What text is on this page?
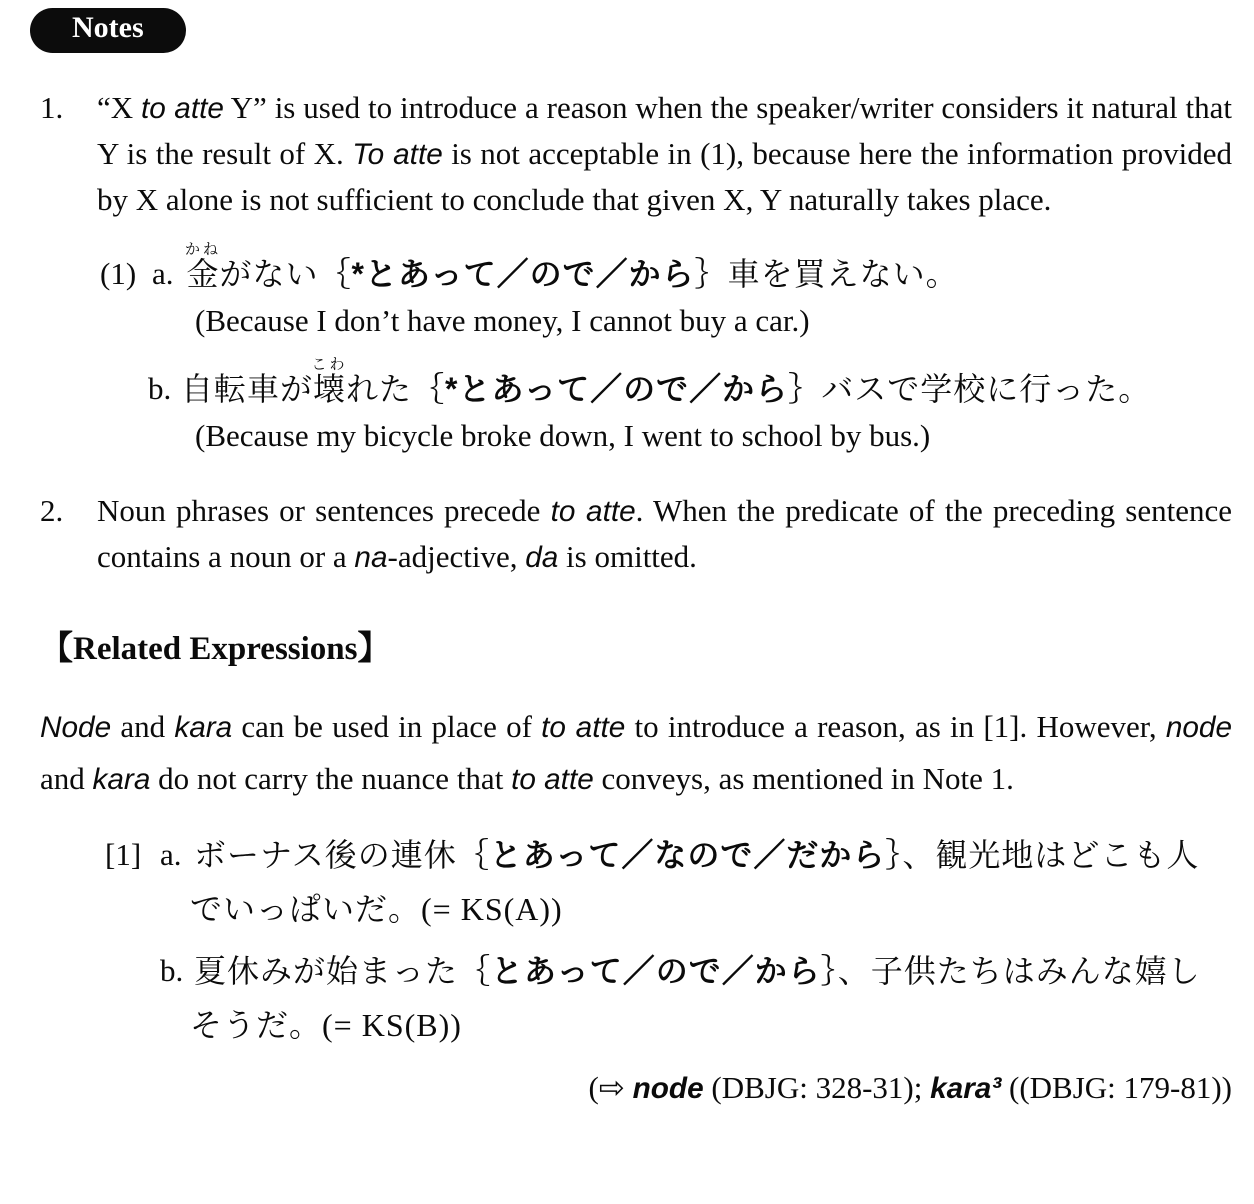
Notes
1.	“X to atte Y” is used to introduce a reason when the speaker/writer considers it natural that Y is the result of X. To atte is not acceptable in (1), because here the information provided by X alone is not sufficient to conclude that given X, Y naturally takes place.
(1) a. 金かねがない｛*とあって／ので／から｝車を買えない。
(Because I don’t have money, I cannot buy a car.)
b. 自転車が壊こわれた｛*とあって／ので／から｝バスで学校に行った。
(Because my bicycle broke down, I went to school by bus.)
2.	Noun phrases or sentences precede to atte. When the predicate of the preceding sentence contains a noun or a na-adjective, da is omitted.
【Related Expressions】
Node and kara can be used in place of to atte to introduce a reason, as in [1]. However, node and kara do not carry the nuance that to atte conveys, as mentioned in Note 1.
[1] a. ボーナス後の連休｛とあって／なので／だから｝、観光地はどこも人
でいっぱいだ。(= KS(A))
b. 夏休みが始まった｛とあって／ので／から｝、子供たちはみんな嬉し
そうだ。(= KS(B))
(⇨ node (DBJG: 328-31); kara³ ((DBJG: 179-81))
